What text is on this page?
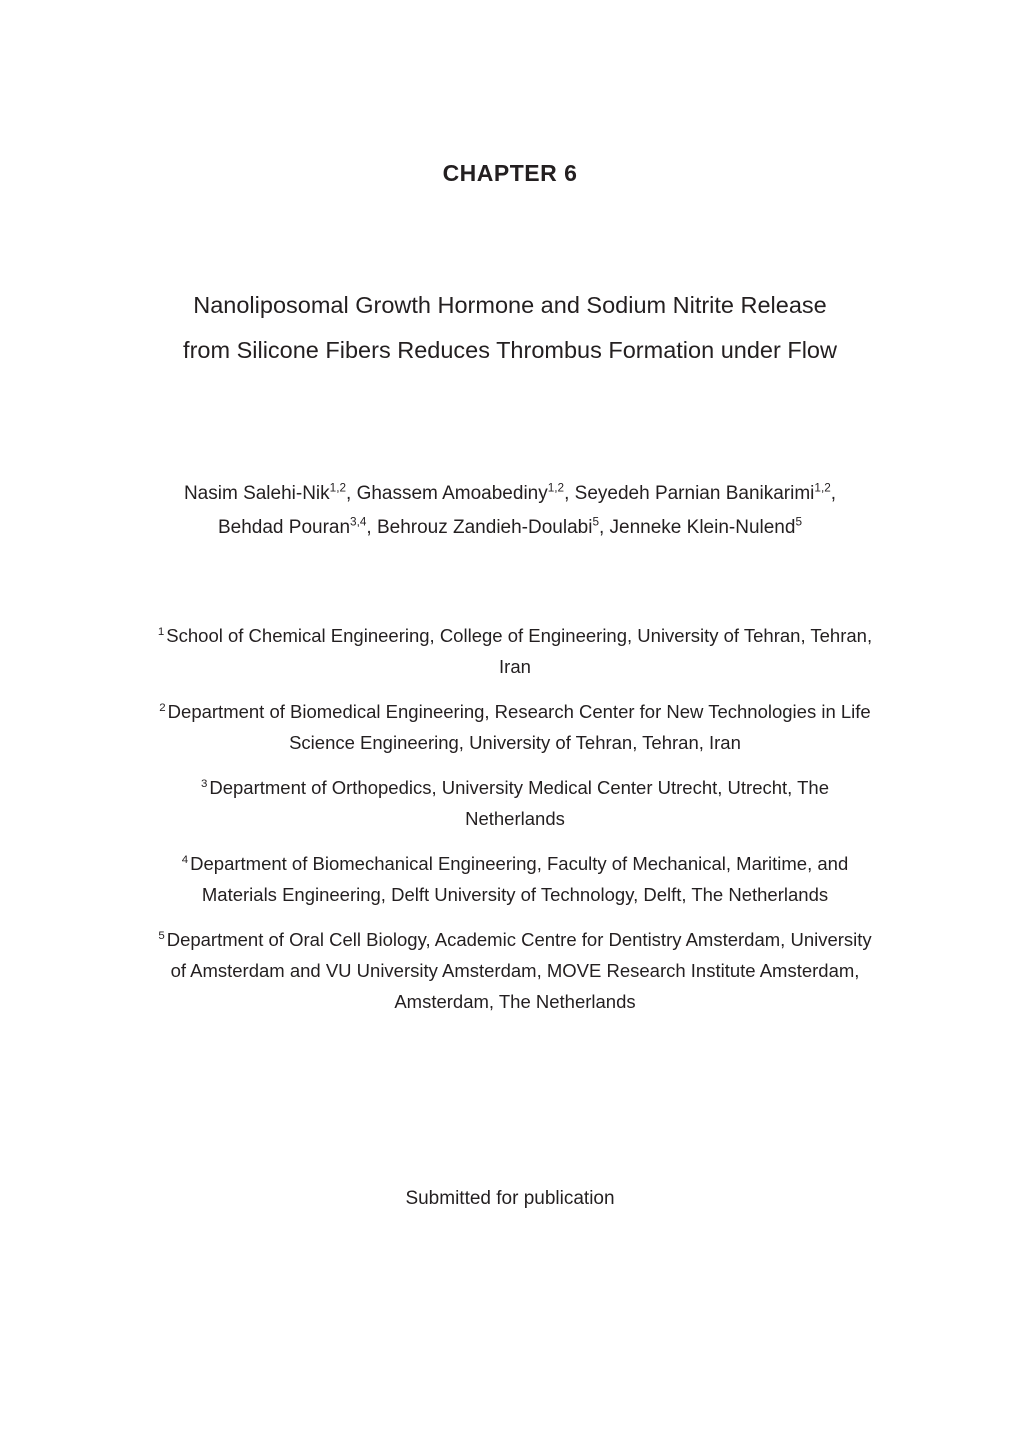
CHAPTER 6
Nanoliposomal Growth Hormone and Sodium Nitrite Release
from Silicone Fibers Reduces Thrombus Formation under Flow
Nasim Salehi-Nik$^{1,2}$, Ghassem Amoabediny$^{1,2}$, Seyedeh Parnian Banikarimi$^{1,2}$,
Behdad Pouran$^{3,4}$, Behrouz Zandieh-Doulabi$^5$, Jenneke Klein-Nulend$^5$
$^1$ School of Chemical Engineering, College of Engineering, University of Tehran, Tehran, Iran
$^2$ Department of Biomedical Engineering, Research Center for New Technologies in Life Science Engineering, University of Tehran, Tehran, Iran
$^3$ Department of Orthopedics, University Medical Center Utrecht, Utrecht, The Netherlands
$^4$ Department of Biomechanical Engineering, Faculty of Mechanical, Maritime, and Materials Engineering, Delft University of Technology, Delft, The Netherlands
$^5$ Department of Oral Cell Biology, Academic Centre for Dentistry Amsterdam, University of Amsterdam and VU University Amsterdam, MOVE Research Institute Amsterdam, Amsterdam, The Netherlands
Submitted for publication
